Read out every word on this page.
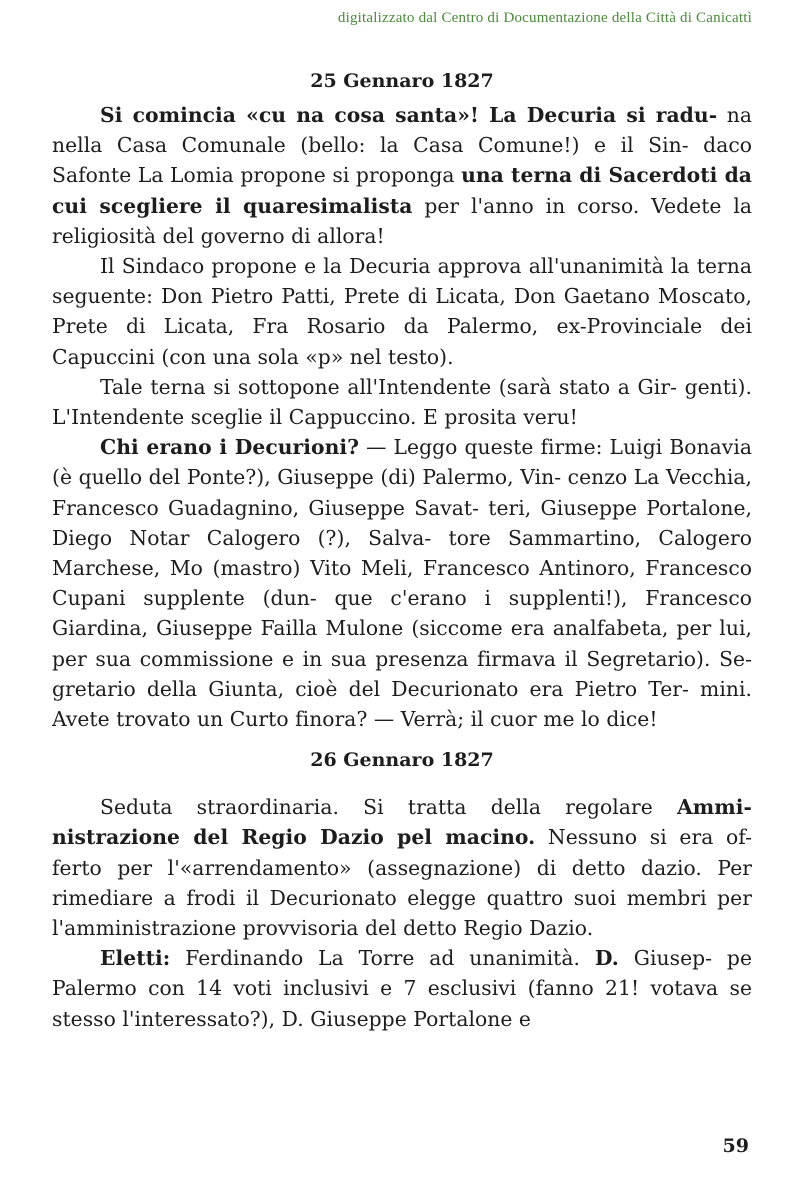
digitalizzato dal Centro di Documentazione della Città di Canicattì
25 Gennaro 1827

Si comincia «cu na cosa santa»! La Decuria si radu- na nella Casa Comunale (bello: la Casa Comune!) e il Sin- daco Safonte La Lomia propone si proponga una terna di Sacerdoti da cui scegliere il quaresimalista per l'anno in corso. Vedete la religiosità del governo di allora!

Il Sindaco propone e la Decuria approva all'unanimità la terna seguente: Don Pietro Patti, Prete di Licata, Don Gaetano Moscato, Prete di Licata, Fra Rosario da Palermo, ex-Provinciale dei Capuccini (con una sola «p» nel testo).

Tale terna si sottopone all'Intendente (sarà stato a Gir- genti). L'Intendente sceglie il Cappuccino. E prosita veru!

Chi erano i Decurioni? — Leggo queste firme: Luigi Bonavia (è quello del Ponte?), Giuseppe (di) Palermo, Vin- cenzo La Vecchia, Francesco Guadagnino, Giuseppe Savat- teri, Giuseppe Portalone, Diego Notar Calogero (?), Salva- tore Sammartino, Calogero Marchese, Mo (mastro) Vito Meli, Francesco Antinoro, Francesco Cupani supplente (dun- que c'erano i supplenti!), Francesco Giardina, Giuseppe Failla Mulone (siccome era analfabeta, per lui, per sua commissione e in sua presenza firmava il Segretario). Se- gretario della Giunta, cioè del Decurionato era Pietro Ter- mini. Avete trovato un Curto finora? — Verrà; il cuor me lo dice!

26 Gennaro 1827

Seduta straordinaria. Si tratta della regolare Ammi- nistrazione del Regio Dazio pel macino. Nessuno si era of- ferto per l'«arrendamento» (assegnazione) di detto dazio. Per rimediare a frodi il Decurionato elegge quattro suoi membri per l'amministrazione provvisoria del detto Regio Dazio.

Eletti: Ferdinando La Torre ad unanimità. D. Giusep- pe Palermo con 14 voti inclusivi e 7 esclusivi (fanno 21! votava se stesso l'interessato?), D. Giuseppe Portalone e

59
